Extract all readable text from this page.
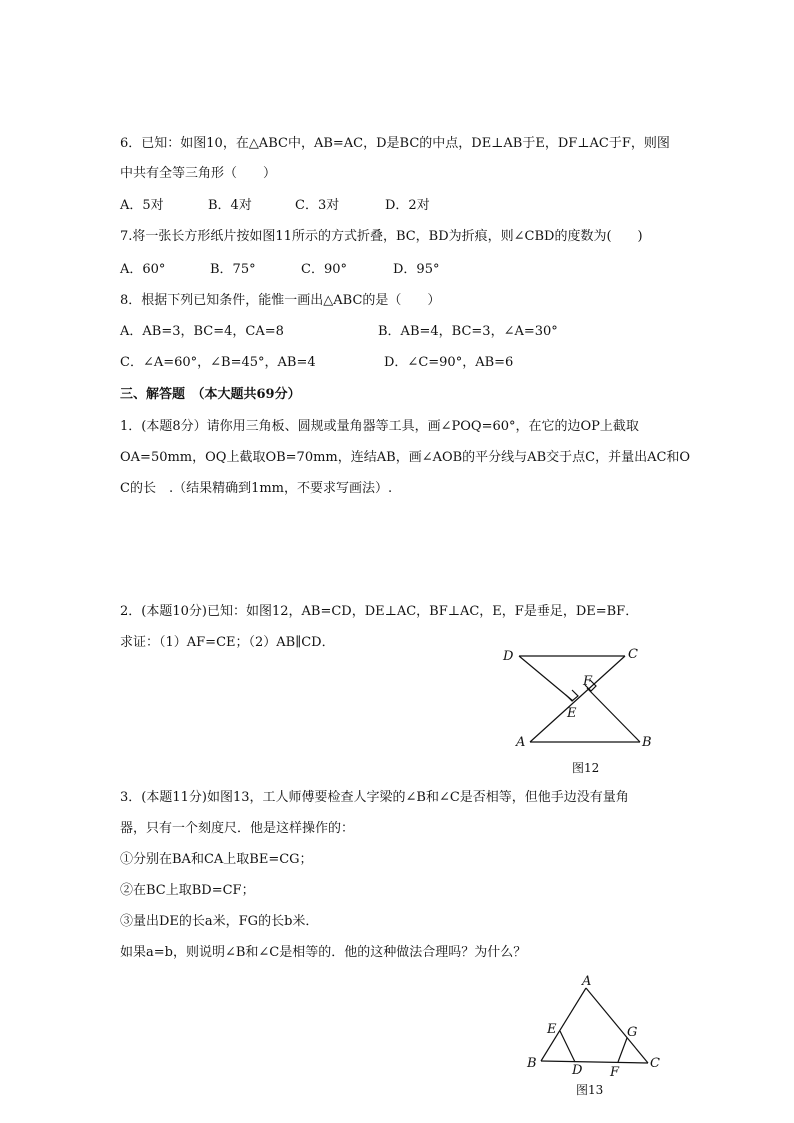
6．已知：如图10，在△ABC中，AB=AC，D是BC的中点，DE⊥AB于E，DF⊥AC于F，则图
中共有全等三角形（　　）
A．5对	B．4对	C．3对	D．2对
7.将一张长方形纸片按如图11所示的方式折叠，BC，BD为折痕，则∠CBD的度数为(　　)
A．60°	B．75°	C．90°	D．95°
8．根据下列已知条件，能惟一画出△ABC的是（　　）
A．AB=3，BC=4，CA=8	B．AB=4，BC=3，∠A=30°
C．∠A=60°，∠B=45°，AB=4	D．∠C=90°，AB=6
三、解答题　（本大题共69分）
1．(本题8分）请你用三角板、圆规或量角器等工具，画∠POQ=60°，在它的边OP上截取
OA=50mm，OQ上截取OB=70mm，连结AB，画∠AOB的平分线与AB交于点C，并量出AC和O
C的长　.（结果精确到1mm，不要求写画法）.
2．(本题10分)已知：如图12，AB=CD，DE⊥AC，BF⊥AC，E，F是垂足，DE=BF．
求证：（1）AF=CE；（2）AB∥CD．
D	C
F
E
A	B
图12
3．(本题11分)如图13，工人师傅要检查人字梁的∠B和∠C是否相等，但他手边没有量角
器，只有一个刻度尺．他是这样操作的：
①分别在BA和CA上取BE=CG；
②在BC上取BD=CF；
③量出DE的长a米，FG的长b米．
如果a=b，则说明∠B和∠C是相等的．他的这种做法合理吗？为什么？
A
E	G
B	D F
C
图13
